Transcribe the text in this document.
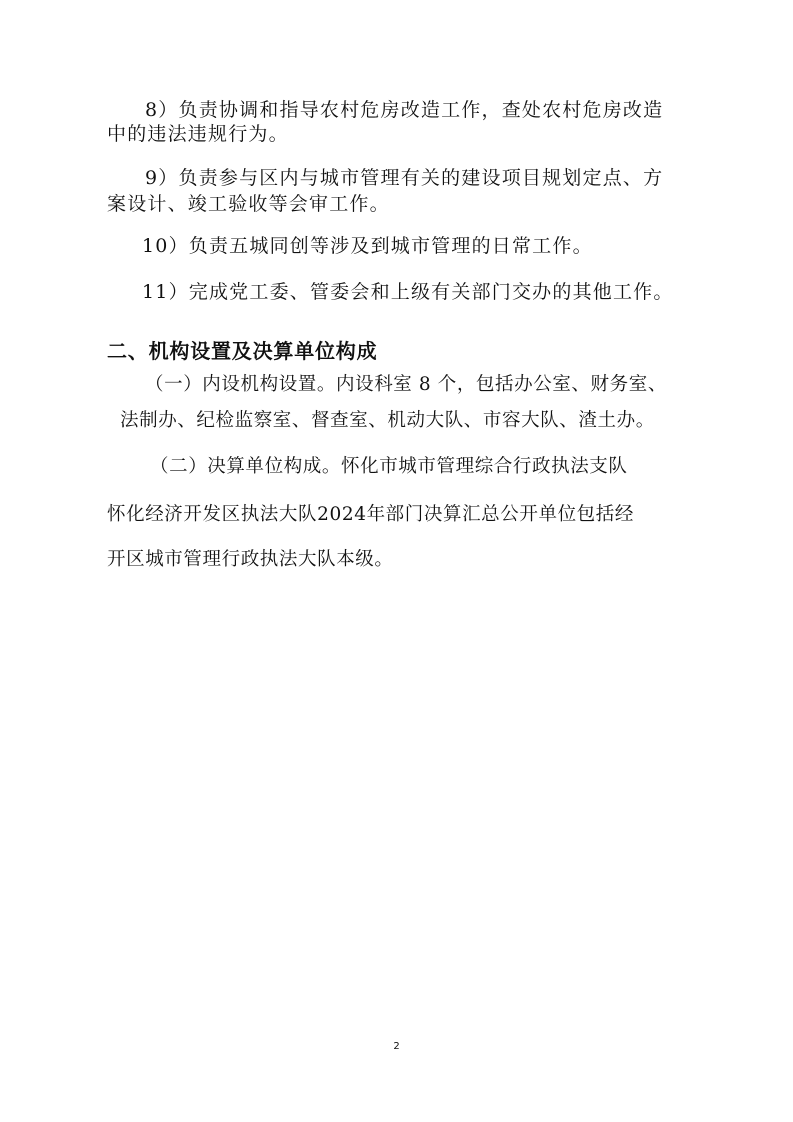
8）负责协调和指导农村危房改造工作，查处农村危房改造
中的违法违规行为。
9）负责参与区内与城市管理有关的建设项目规划定点、方
案设计、竣工验收等会审工作。
10）负责五城同创等涉及到城市管理的日常工作。
11）完成党工委、管委会和上级有关部门交办的其他工作。
二、机构设置及决算单位构成
（一）内设机构设置。内设科室 8 个，包括办公室、财务室、
法制办、纪检监察室、督查室、机动大队、市容大队、渣土办。
（二）决算单位构成。怀化市城市管理综合行政执法支队
怀化经济开发区执法大队2024年部门决算汇总公开单位包括经
开区城市管理行政执法大队本级。
2
